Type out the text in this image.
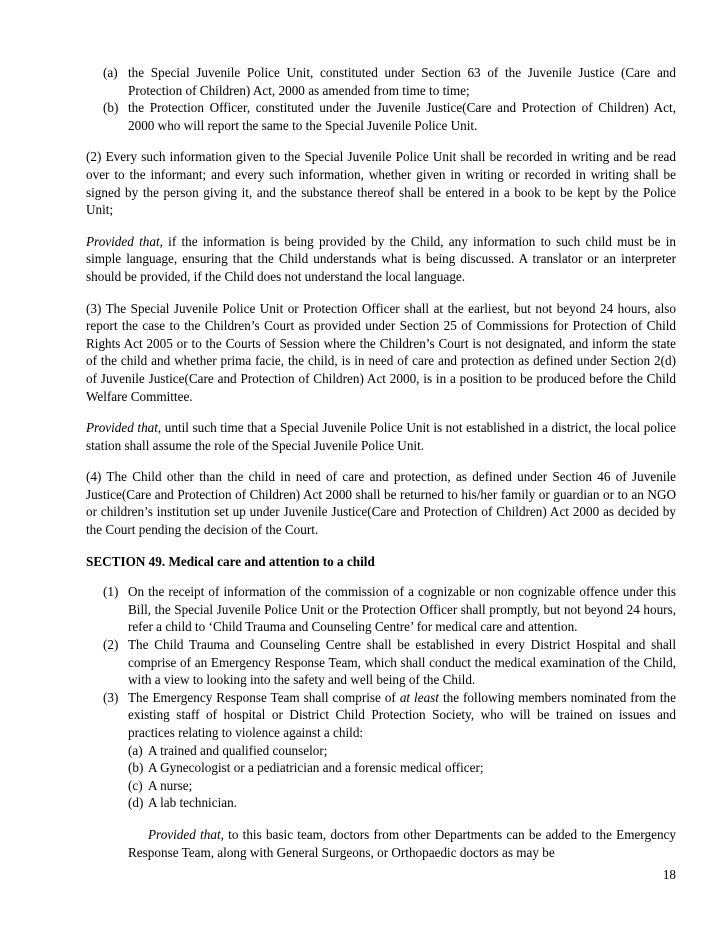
(a) the Special Juvenile Police Unit, constituted under Section 63 of the Juvenile Justice (Care and Protection of Children) Act, 2000 as amended from time to time;

(b) the Protection Officer, constituted under the Juvenile Justice(Care and Protection of Children) Act, 2000 who will report the same to the Special Juvenile Police Unit.

(2) Every such information given to the Special Juvenile Police Unit shall be recorded in writing and be read over to the informant; and every such information, whether given in writing or recorded in writing shall be signed by the person giving it, and the substance thereof shall be entered in a book to be kept by the Police Unit;

Provided that, if the information is being provided by the Child, any information to such child must be in simple language, ensuring that the Child understands what is being discussed. A translator or an interpreter should be provided, if the Child does not understand the local language.

(3) The Special Juvenile Police Unit or Protection Officer shall at the earliest, but not beyond 24 hours, also report the case to the Children’s Court as provided under Section 25 of Commissions for Protection of Child Rights Act 2005 or to the Courts of Session where the Children’s Court is not designated, and inform the state of the child and whether prima facie, the child, is in need of care and protection as defined under Section 2(d) of Juvenile Justice(Care and Protection of Children) Act 2000, is in a position to be produced before the Child Welfare Committee.

Provided that, until such time that a Special Juvenile Police Unit is not established in a district, the local police station shall assume the role of the Special Juvenile Police Unit.

(4) The Child other than the child in need of care and protection, as defined under Section 46 of Juvenile Justice(Care and Protection of Children) Act 2000 shall be returned to his/her family or guardian or to an NGO or children’s institution set up under Juvenile Justice(Care and Protection of Children) Act 2000 as decided by the Court pending the decision of the Court.

SECTION 49. Medical care and attention to a child

(1) On the receipt of information of the commission of a cognizable or non cognizable offence under this Bill, the Special Juvenile Police Unit or the Protection Officer shall promptly, but not beyond 24 hours, refer a child to ‘Child Trauma and Counseling Centre’ for medical care and attention.

(2) The Child Trauma and Counseling Centre shall be established in every District Hospital and shall comprise of an Emergency Response Team, which shall conduct the medical examination of the Child, with a view to looking into the safety and well being of the Child.

(3) The Emergency Response Team shall comprise of at least the following members nominated from the existing staff of hospital or District Child Protection Society, who will be trained on issues and practices relating to violence against a child:

(a) A trained and qualified counselor;

(b) A Gynecologist or a pediatrician and a forensic medical officer;

(c) A nurse;

(d) A lab technician.

Provided that, to this basic team, doctors from other Departments can be added to the Emergency Response Team, along with General Surgeons, or Orthopaedic doctors as may be

18
